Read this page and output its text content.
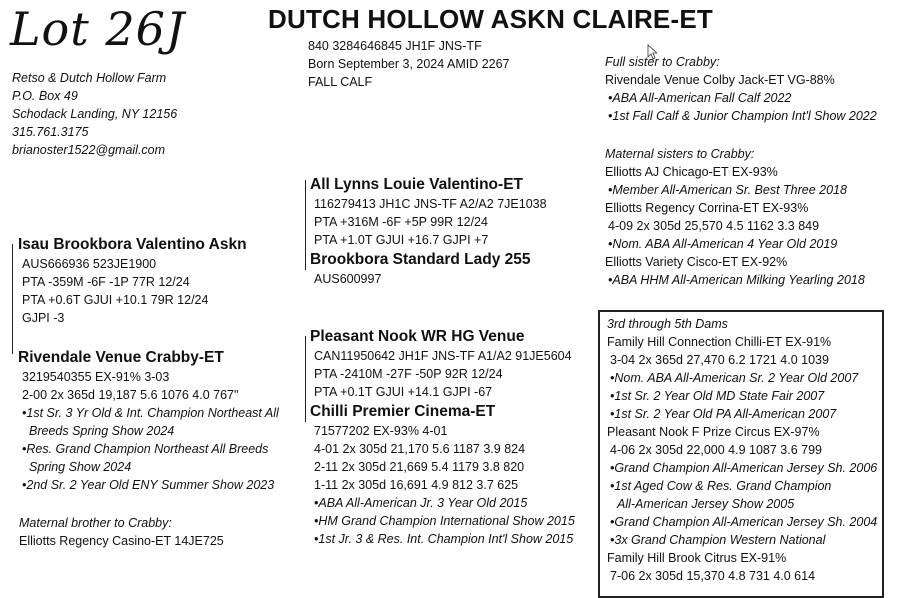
Lot 26J	DUTCH HOLLOW ASKN CLAIRE-ET
Retso & Dutch Hollow Farm
P.O. Box 49
Schodack Landing, NY 12156
315.761.3175
brianoster1522@gmail.com
840 3284646845 JH1F JNS-TF
Born September 3, 2024 AMID 2267
FALL CALF
Isau Brookbora Valentino Askn
AUS666936 523JE1900
PTA -359M -6F -1P 77R 12/24
PTA +0.6T GJUI +10.1 79R 12/24
GJPI -3
Rivendale Venue Crabby-ET
3219540355 EX-91% 3-03
2-00 2x 365d 19,187 5.6 1076 4.0 767"
•1st Sr. 3 Yr Old & Int. Champion Northeast All
Breeds Spring Show 2024
•Res. Grand Champion Northeast All Breeds
Spring Show 2024
•2nd Sr. 2 Year Old ENY Summer Show 2023
Maternal brother to Crabby:
Elliotts Regency Casino-ET 14JE725
All Lynns Louie Valentino-ET
116279413 JH1C JNS-TF A2/A2 7JE1038
PTA +316M -6F +5P 99R 12/24
PTA +1.0T GJUI +16.7 GJPI +7
Brookbora Standard Lady 255
AUS600997
Pleasant Nook WR HG Venue
CAN11950642 JH1F JNS-TF A1/A2 91JE5604
PTA -2410M -27F -50P 92R 12/24
PTA +0.1T GJUI +14.1 GJPI -67
Chilli Premier Cinema-ET
71577202 EX-93% 4-01
4-01 2x 305d 21,170 5.6 1187 3.9 824
2-11 2x 305d 21,669 5.4 1179 3.8 820
1-11 2x 305d 16,691 4.9 812 3.7 625
•ABA All-American Jr. 3 Year Old 2015
•HM Grand Champion International Show 2015
•1st Jr. 3 & Res. Int. Champion Int'l Show 2015
Full sister to Crabby:
Rivendale Venue Colby Jack-ET VG-88%
•ABA All-American Fall Calf 2022
•1st Fall Calf & Junior Champion Int'l Show 2022
Maternal sisters to Crabby:
Elliotts AJ Chicago-ET EX-93%
•Member All-American Sr. Best Three 2018
Elliotts Regency Corrina-ET EX-93%
4-09 2x 305d 25,570 4.5 1162 3.3 849
•Nom. ABA All-American 4 Year Old 2019
Elliotts Variety Cisco-ET EX-92%
•ABA HHM All-American Milking Yearling 2018
3rd through 5th Dams
Family Hill Connection Chilli-ET EX-91%
3-04 2x 365d 27,470 6.2 1721 4.0 1039
•Nom. ABA All-American Sr. 2 Year Old 2007
•1st Sr. 2 Year Old MD State Fair 2007
•1st Sr. 2 Year Old PA All-American 2007
Pleasant Nook F Prize Circus EX-97%
4-06 2x 305d 22,000 4.9 1087 3.6 799
•Grand Champion All-American Jersey Sh. 2006
•1st Aged Cow & Res. Grand Champion
All-American Jersey Show 2005
•Grand Champion All-American Jersey Sh. 2004
•3x Grand Champion Western National
Family Hill Brook Citrus EX-91%
7-06 2x 305d 15,370 4.8 731 4.0 614
